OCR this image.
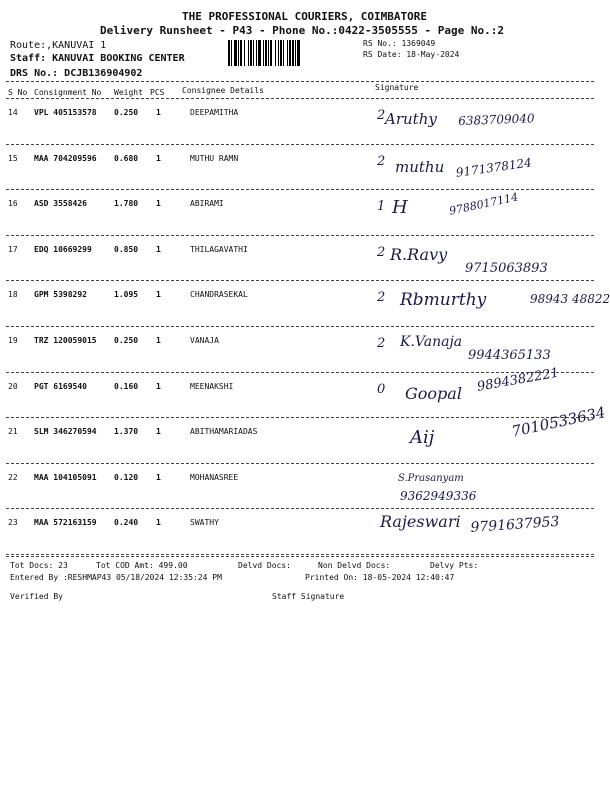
THE PROFESSIONAL COURIERS, COIMBATORE
Delivery Runsheet - P43 - Phone No.:0422-3505555 - Page No.:2
Route:,KANUVAI 1
Staff: KANUVAI BOOKING CENTER
DRS No.: DCJB136904902
RS No.: 1369049
RS Date: 18-May-2024
S No Consignment No Weight PCS Consignee Details	Signature
14 VPL 405153578 0.250 1	DEEPAMITHA	2 Aruthy 6383709040
15 MAA 704209596 0.680 1	MUTHU RAMN	2 muthu 9171378124
16 ASD 3558426	1.780 1	ABIRAMI	1 H	9788017114
17 EDQ 10669299	0.850 1	THILAGAVATHI	2 R.Ravy
9715063893
18 GPM 5398292	1.095 1	CHANDRASEKAL	2 Rbmurthy	98943 48822
19 TRZ 120059015 0.250 1	VANAJA	2 K.Vanaja
9944365133
20 PGT 6169540	0.160 1	MEENAKSHI	0 Goopal 9894382221
21 SLM 346270594 1.370 1	ABITHAMARIADAS	Aij	7010533634
22 MAA 104105091 0.120 1	MOHANASREE	S.Prasanyam
9362949336
23 MAA 572163159 0.240 1	SWATHY	Rajeswari 9791637953
Tot Docs: 23	Tot COD Amt: 499.00	Delvd Docs:	Non Delvd Docs:	Delvy Pts:
Entered By :RESHMAP43 05/18/2024 12:35:24 PM	Printed On: 18-05-2024 12:40:47
Verified By	Staff Signature
